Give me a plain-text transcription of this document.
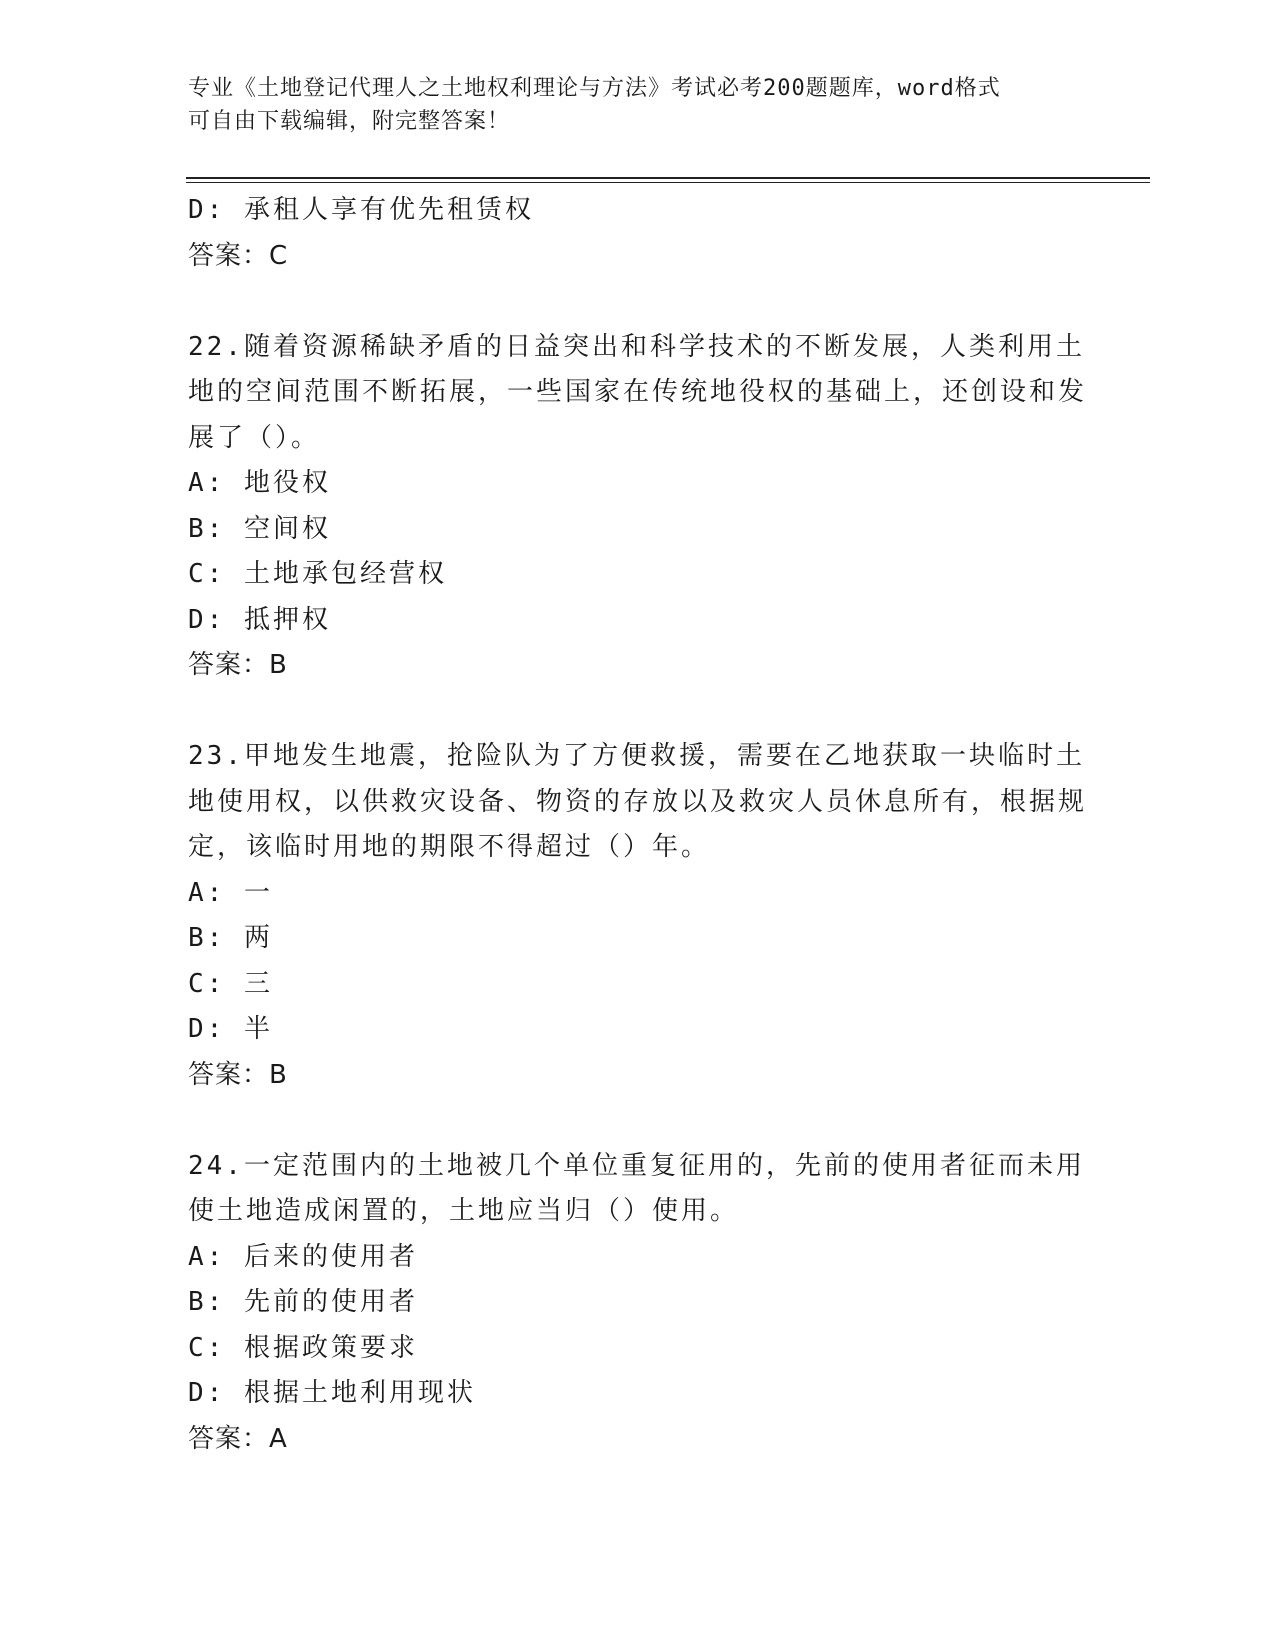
专业《土地登记代理人之土地权利理论与方法》考试必考200题题库，word格式
可自由下载编辑，附完整答案！
D: 承租人享有优先租赁权
答案：C
22.随着资源稀缺矛盾的日益突出和科学技术的不断发展，人类利用土地的空间范围不断拓展，一些国家在传统地役权的基础上，还创设和发展了（）。
A: 地役权
B: 空间权
C: 土地承包经营权
D: 抵押权
答案：B
23.甲地发生地震，抢险队为了方便救援，需要在乙地获取一块临时土地使用权，以供救灾设备、物资的存放以及救灾人员休息所有，根据规定，该临时用地的期限不得超过（）年。
A: 一
B: 两
C: 三
D: 半
答案：B
24.一定范围内的土地被几个单位重复征用的，先前的使用者征而未用使土地造成闲置的，土地应当归（）使用。
A: 后来的使用者
B: 先前的使用者
C: 根据政策要求
D: 根据土地利用现状
答案：A
